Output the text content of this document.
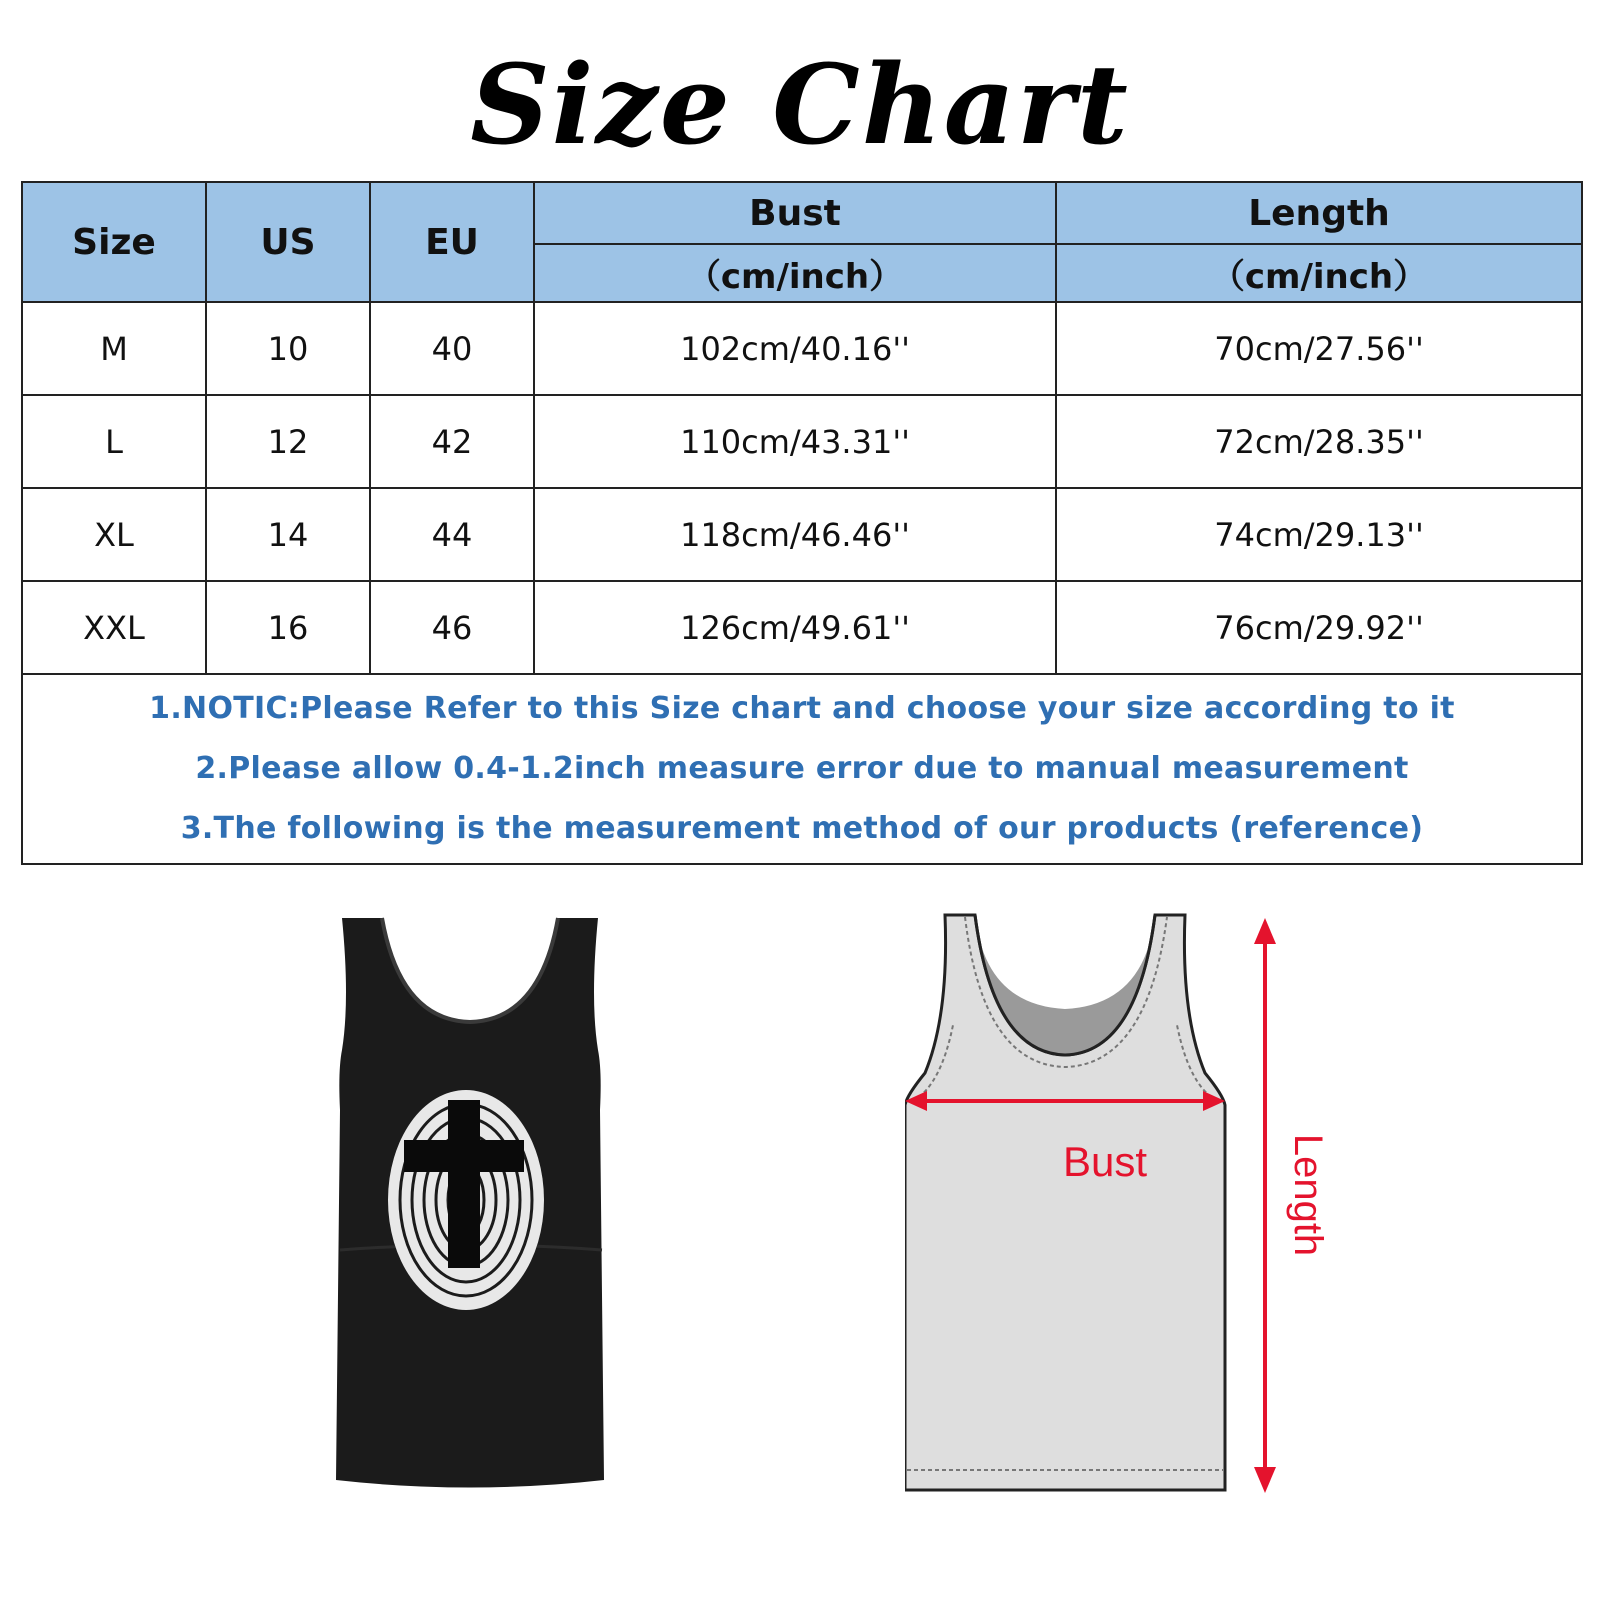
Size Chart
Size	US	EU	Bust	Length
			（cm/inch）	（cm/inch）
M	10	40	102cm/40.16''	70cm/27.56''
L	12	42	110cm/43.31''	72cm/28.35''
XL	14	44	118cm/46.46''	74cm/29.13''
XXL	16	46	126cm/49.61''	76cm/29.92''

1.NOTIC:Please Refer to this Size chart and choose your size according to it
2.Please allow 0.4-1.2inch measure error due to manual measurement
3.The following is the measurement method of our products (reference)				
Bust	Length
